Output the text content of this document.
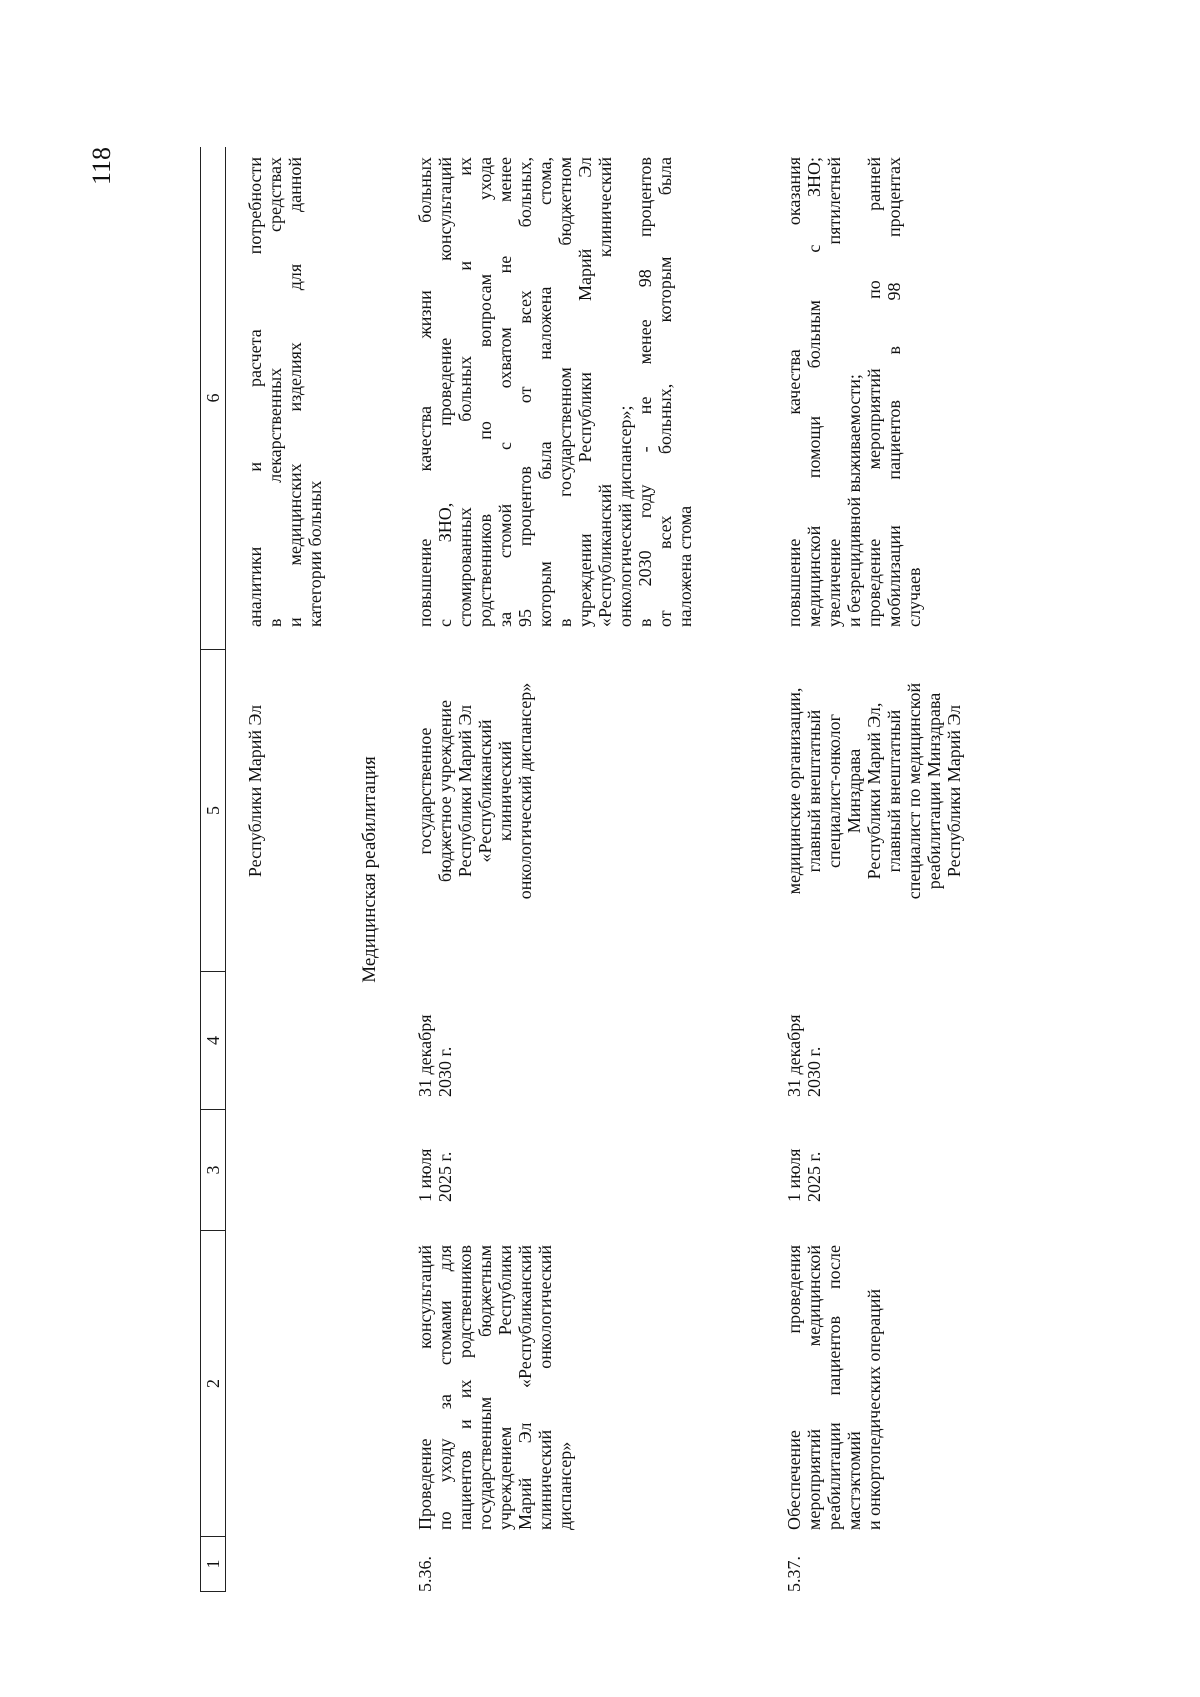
118
1
2
3
4
5
6
Республики Марий Эл
аналитики и расчета потребности в лекарственных средствах и медицинских изделиях для данной категории больных
Медицинская реабилитация
5.36.
Проведение консультаций по уходу за стомами для пациентов и их родственников государственным бюджетным учреждением Республики Марий Эл «Республиканский клинический онкологический диспансер»
1 июля 2025 г.
31 декабря 2030 г.
государственное бюджетное учреждение Республики Марий Эл «Республиканский клинический онкологический диспансер»
повышение качества жизни больных с ЗНО, проведение консультаций стомированных больных и их родственников по вопросам ухода за стомой с охватом не менее 95 процентов от всех больных, которым была наложена стома, в государственном бюджетном учреждении Республики Марий Эл «Республиканский клинический онкологический диспансер»; в 2030 году - не менее 98 процентов от всех больных, которым была наложена стома
5.37.
Обеспечение проведения мероприятий медицинской реабилитации пациентов после мастэктомий и онкортопедических операций
1 июля 2025 г.
31 декабря 2030 г.
медицинские организации, главный внештатный специалист-онколог Минздрава Республики Марий Эл, главный внештатный специалист по медицинской реабилитации Минздрава Республики Марий Эл
повышение качества оказания медицинской помощи больным с ЗНО; увеличение пятилетней и безрецидивной выживаемости; проведение мероприятий по ранней мобилизации пациентов в 98 процентах случаев
